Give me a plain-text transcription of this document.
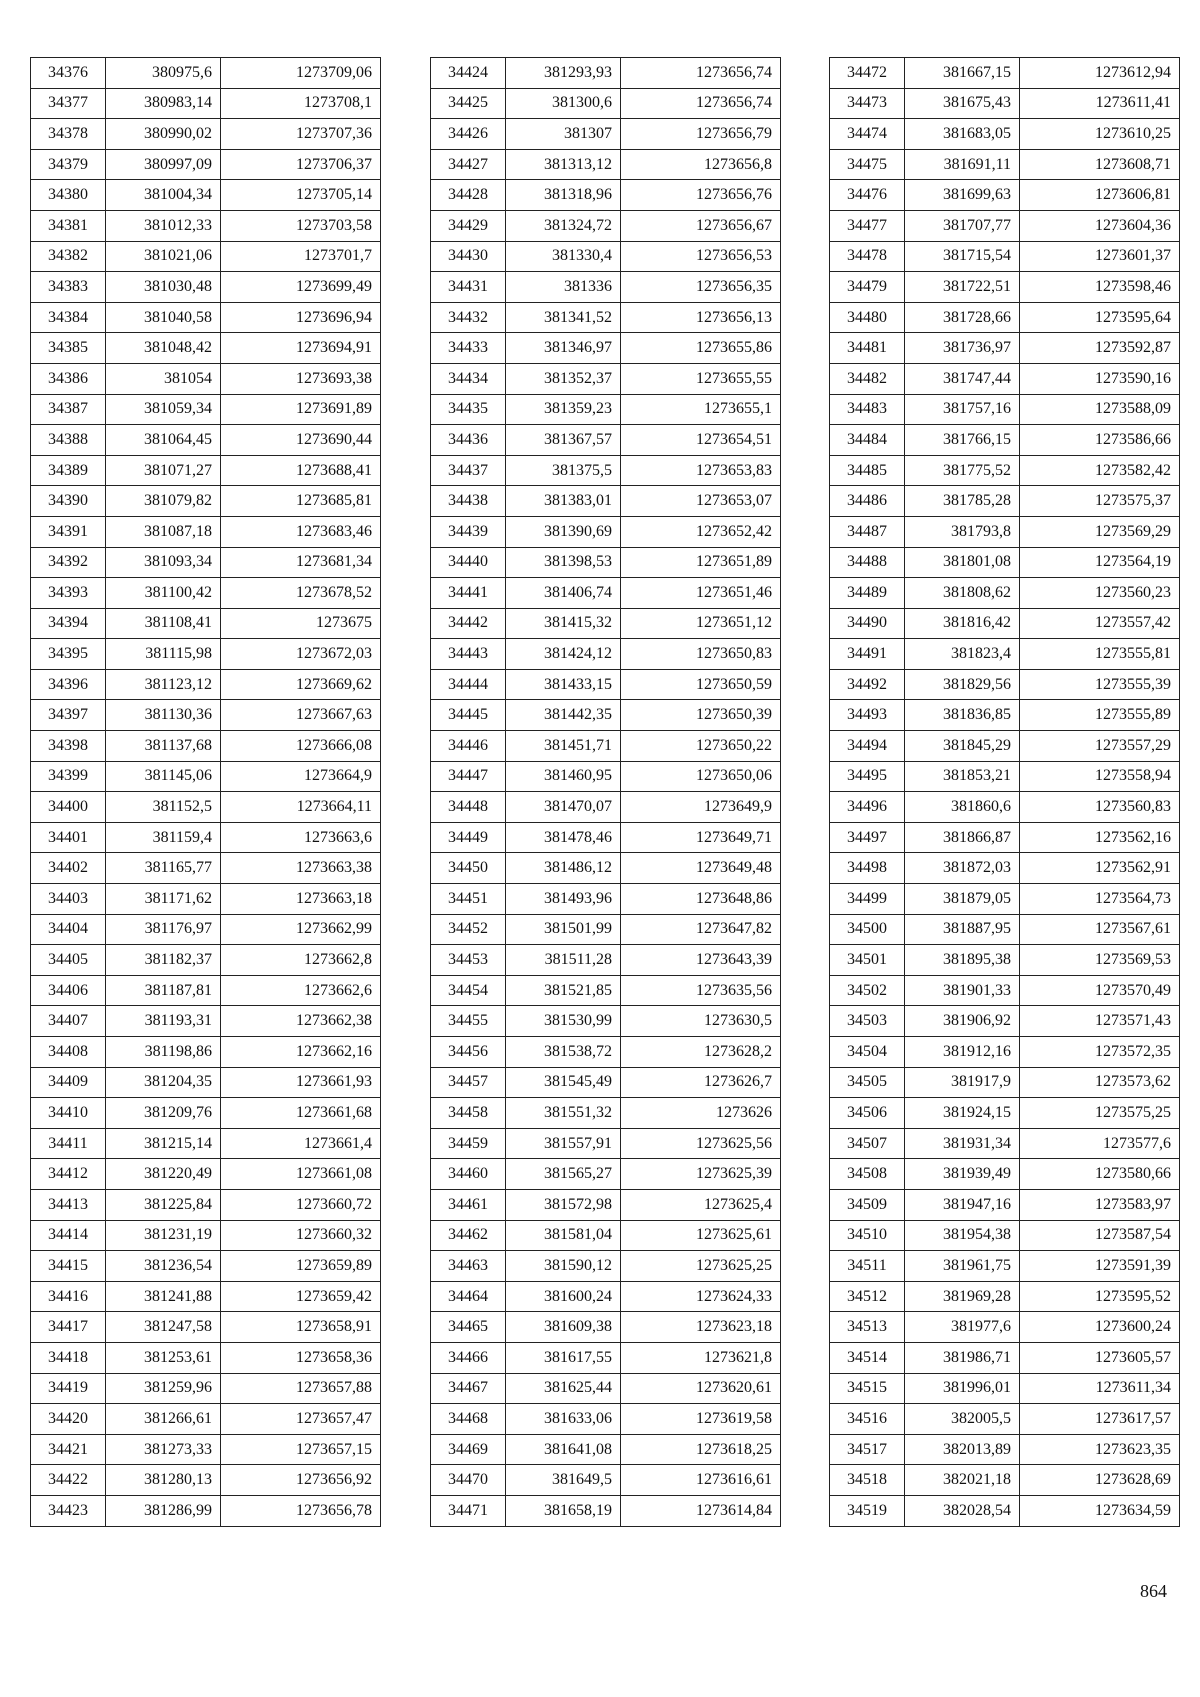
34376	380975,6	1273709,06
34377	380983,14	1273708,1
34378	380990,02	1273707,36
34379	380997,09	1273706,37
34380	381004,34	1273705,14
34381	381012,33	1273703,58
34382	381021,06	1273701,7
34383	381030,48	1273699,49
34384	381040,58	1273696,94
34385	381048,42	1273694,91
34386	381054	1273693,38
34387	381059,34	1273691,89
34388	381064,45	1273690,44
34389	381071,27	1273688,41
34390	381079,82	1273685,81
34391	381087,18	1273683,46
34392	381093,34	1273681,34
34393	381100,42	1273678,52
34394	381108,41	1273675
34395	381115,98	1273672,03
34396	381123,12	1273669,62
34397	381130,36	1273667,63
34398	381137,68	1273666,08
34399	381145,06	1273664,9
34400	381152,5	1273664,11
34401	381159,4	1273663,6
34402	381165,77	1273663,38
34403	381171,62	1273663,18
34404	381176,97	1273662,99
34405	381182,37	1273662,8
34406	381187,81	1273662,6
34407	381193,31	1273662,38
34408	381198,86	1273662,16
34409	381204,35	1273661,93
34410	381209,76	1273661,68
34411	381215,14	1273661,4
34412	381220,49	1273661,08
34413	381225,84	1273660,72
34414	381231,19	1273660,32
34415	381236,54	1273659,89
34416	381241,88	1273659,42
34417	381247,58	1273658,91
34418	381253,61	1273658,36
34419	381259,96	1273657,88
34420	381266,61	1273657,47
34421	381273,33	1273657,15
34422	381280,13	1273656,92
34423	381286,99	1273656,78
34424	381293,93	1273656,74
34425	381300,6	1273656,74
34426	381307	1273656,79
34427	381313,12	1273656,8
34428	381318,96	1273656,76
34429	381324,72	1273656,67
34430	381330,4	1273656,53
34431	381336	1273656,35
34432	381341,52	1273656,13
34433	381346,97	1273655,86
34434	381352,37	1273655,55
34435	381359,23	1273655,1
34436	381367,57	1273654,51
34437	381375,5	1273653,83
34438	381383,01	1273653,07
34439	381390,69	1273652,42
34440	381398,53	1273651,89
34441	381406,74	1273651,46
34442	381415,32	1273651,12
34443	381424,12	1273650,83
34444	381433,15	1273650,59
34445	381442,35	1273650,39
34446	381451,71	1273650,22
34447	381460,95	1273650,06
34448	381470,07	1273649,9
34449	381478,46	1273649,71
34450	381486,12	1273649,48
34451	381493,96	1273648,86
34452	381501,99	1273647,82
34453	381511,28	1273643,39
34454	381521,85	1273635,56
34455	381530,99	1273630,5
34456	381538,72	1273628,2
34457	381545,49	1273626,7
34458	381551,32	1273626
34459	381557,91	1273625,56
34460	381565,27	1273625,39
34461	381572,98	1273625,4
34462	381581,04	1273625,61
34463	381590,12	1273625,25
34464	381600,24	1273624,33
34465	381609,38	1273623,18
34466	381617,55	1273621,8
34467	381625,44	1273620,61
34468	381633,06	1273619,58
34469	381641,08	1273618,25
34470	381649,5	1273616,61
34471	381658,19	1273614,84
34472	381667,15	1273612,94
34473	381675,43	1273611,41
34474	381683,05	1273610,25
34475	381691,11	1273608,71
34476	381699,63	1273606,81
34477	381707,77	1273604,36
34478	381715,54	1273601,37
34479	381722,51	1273598,46
34480	381728,66	1273595,64
34481	381736,97	1273592,87
34482	381747,44	1273590,16
34483	381757,16	1273588,09
34484	381766,15	1273586,66
34485	381775,52	1273582,42
34486	381785,28	1273575,37
34487	381793,8	1273569,29
34488	381801,08	1273564,19
34489	381808,62	1273560,23
34490	381816,42	1273557,42
34491	381823,4	1273555,81
34492	381829,56	1273555,39
34493	381836,85	1273555,89
34494	381845,29	1273557,29
34495	381853,21	1273558,94
34496	381860,6	1273560,83
34497	381866,87	1273562,16
34498	381872,03	1273562,91
34499	381879,05	1273564,73
34500	381887,95	1273567,61
34501	381895,38	1273569,53
34502	381901,33	1273570,49
34503	381906,92	1273571,43
34504	381912,16	1273572,35
34505	381917,9	1273573,62
34506	381924,15	1273575,25
34507	381931,34	1273577,6
34508	381939,49	1273580,66
34509	381947,16	1273583,97
34510	381954,38	1273587,54
34511	381961,75	1273591,39
34512	381969,28	1273595,52
34513	381977,6	1273600,24
34514	381986,71	1273605,57
34515	381996,01	1273611,34
34516	382005,5	1273617,57
34517	382013,89	1273623,35
34518	382021,18	1273628,69
34519	382028,54	1273634,59
864
